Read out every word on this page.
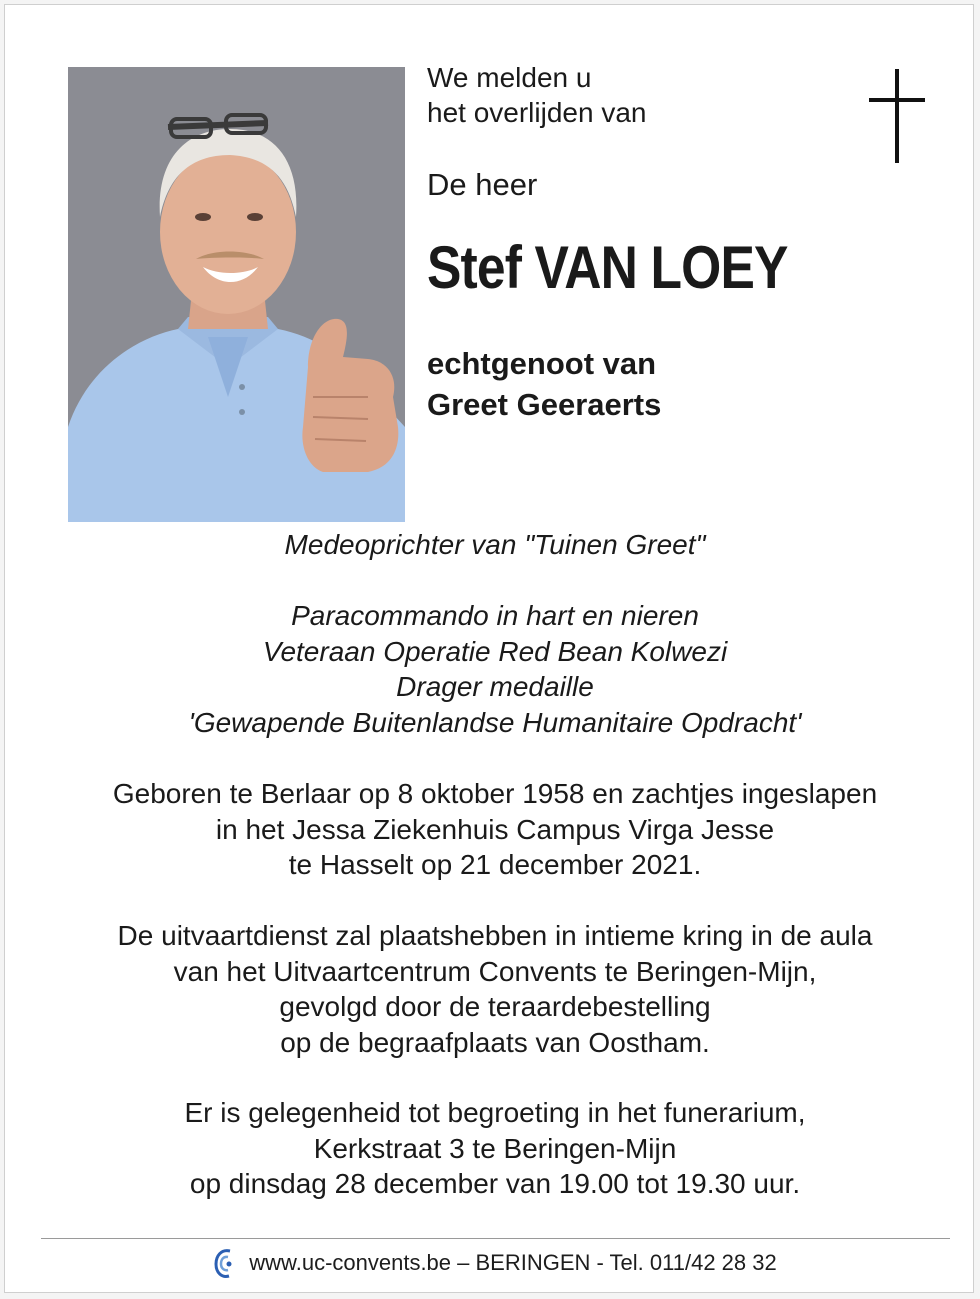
We melden u
het overlijden van
De heer
Stef VAN LOEY
echtgenoot van
Greet Geeraerts
Medeoprichter van "Tuinen Greet"
Paracommando in hart en nieren
Veteraan Operatie Red Bean Kolwezi
Drager medaille
'Gewapende Buitenlandse Humanitaire Opdracht'
Geboren te Berlaar op 8 oktober 1958 en zachtjes ingeslapen
in het Jessa Ziekenhuis Campus Virga Jesse
te Hasselt op 21 december 2021.
De uitvaartdienst zal plaatshebben in intieme kring in de aula
van het Uitvaartcentrum Convents te Beringen-Mijn,
gevolgd door de teraardebestelling
op de begraafplaats van Oostham.
Er is gelegenheid tot begroeting in het funerarium,
Kerkstraat 3 te Beringen-Mijn
op dinsdag 28 december van 19.00 tot 19.30 uur.
www.uc-convents.be – BERINGEN - Tel. 011/42 28 32
